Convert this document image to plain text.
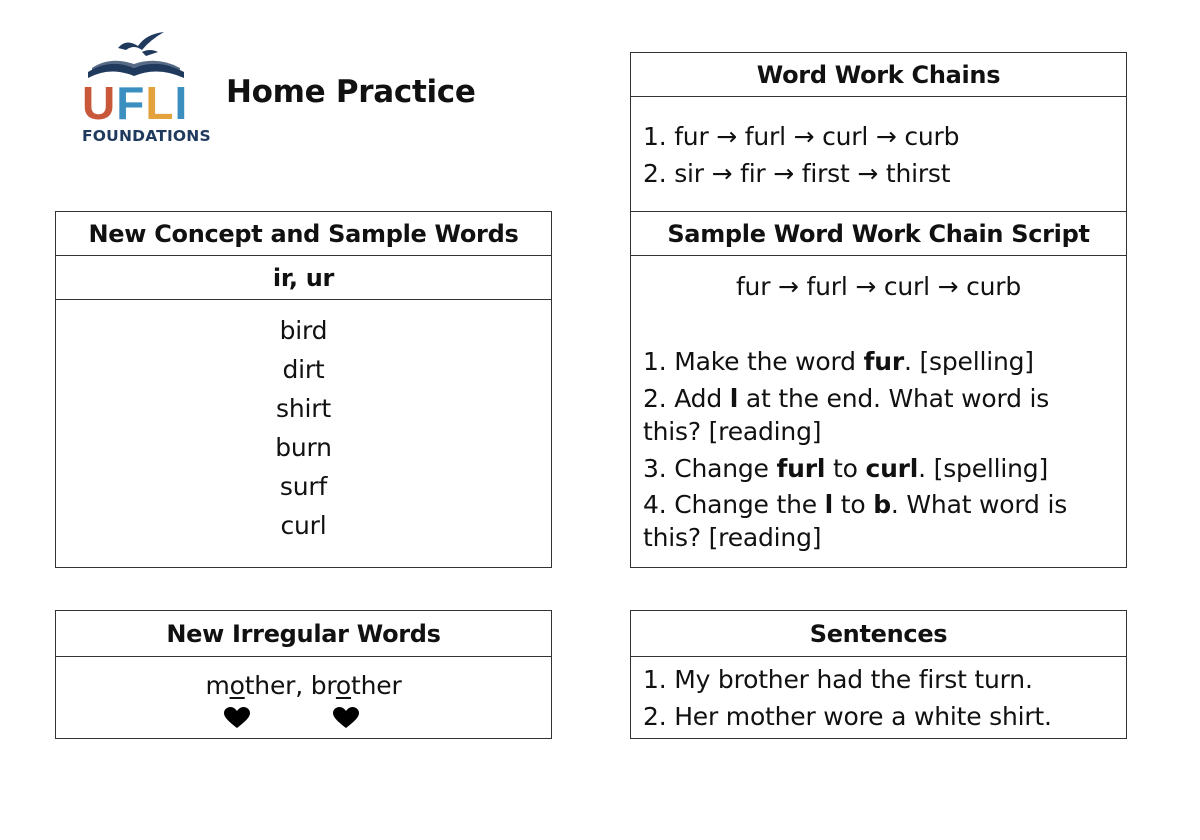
UFLI
FOUNDATIONS
Home Practice
New Concept and Sample Words
ir, ur
bird
dirt
shirt
burn
surf
curl
New Irregular Words
mother, brother
Word Work Chains
1. fur → furl → curl → curb
2. sir → fir → first → thirst
Sample Word Work Chain Script
fur → furl → curl → curb
1. Make the word fur. [spelling]
2. Add l at the end. What word is
this? [reading]
3. Change furl to curl. [spelling]
4. Change the l to b. What word is
this? [reading]
Sentences
1. My brother had the first turn.
2. Her mother wore a white shirt.
